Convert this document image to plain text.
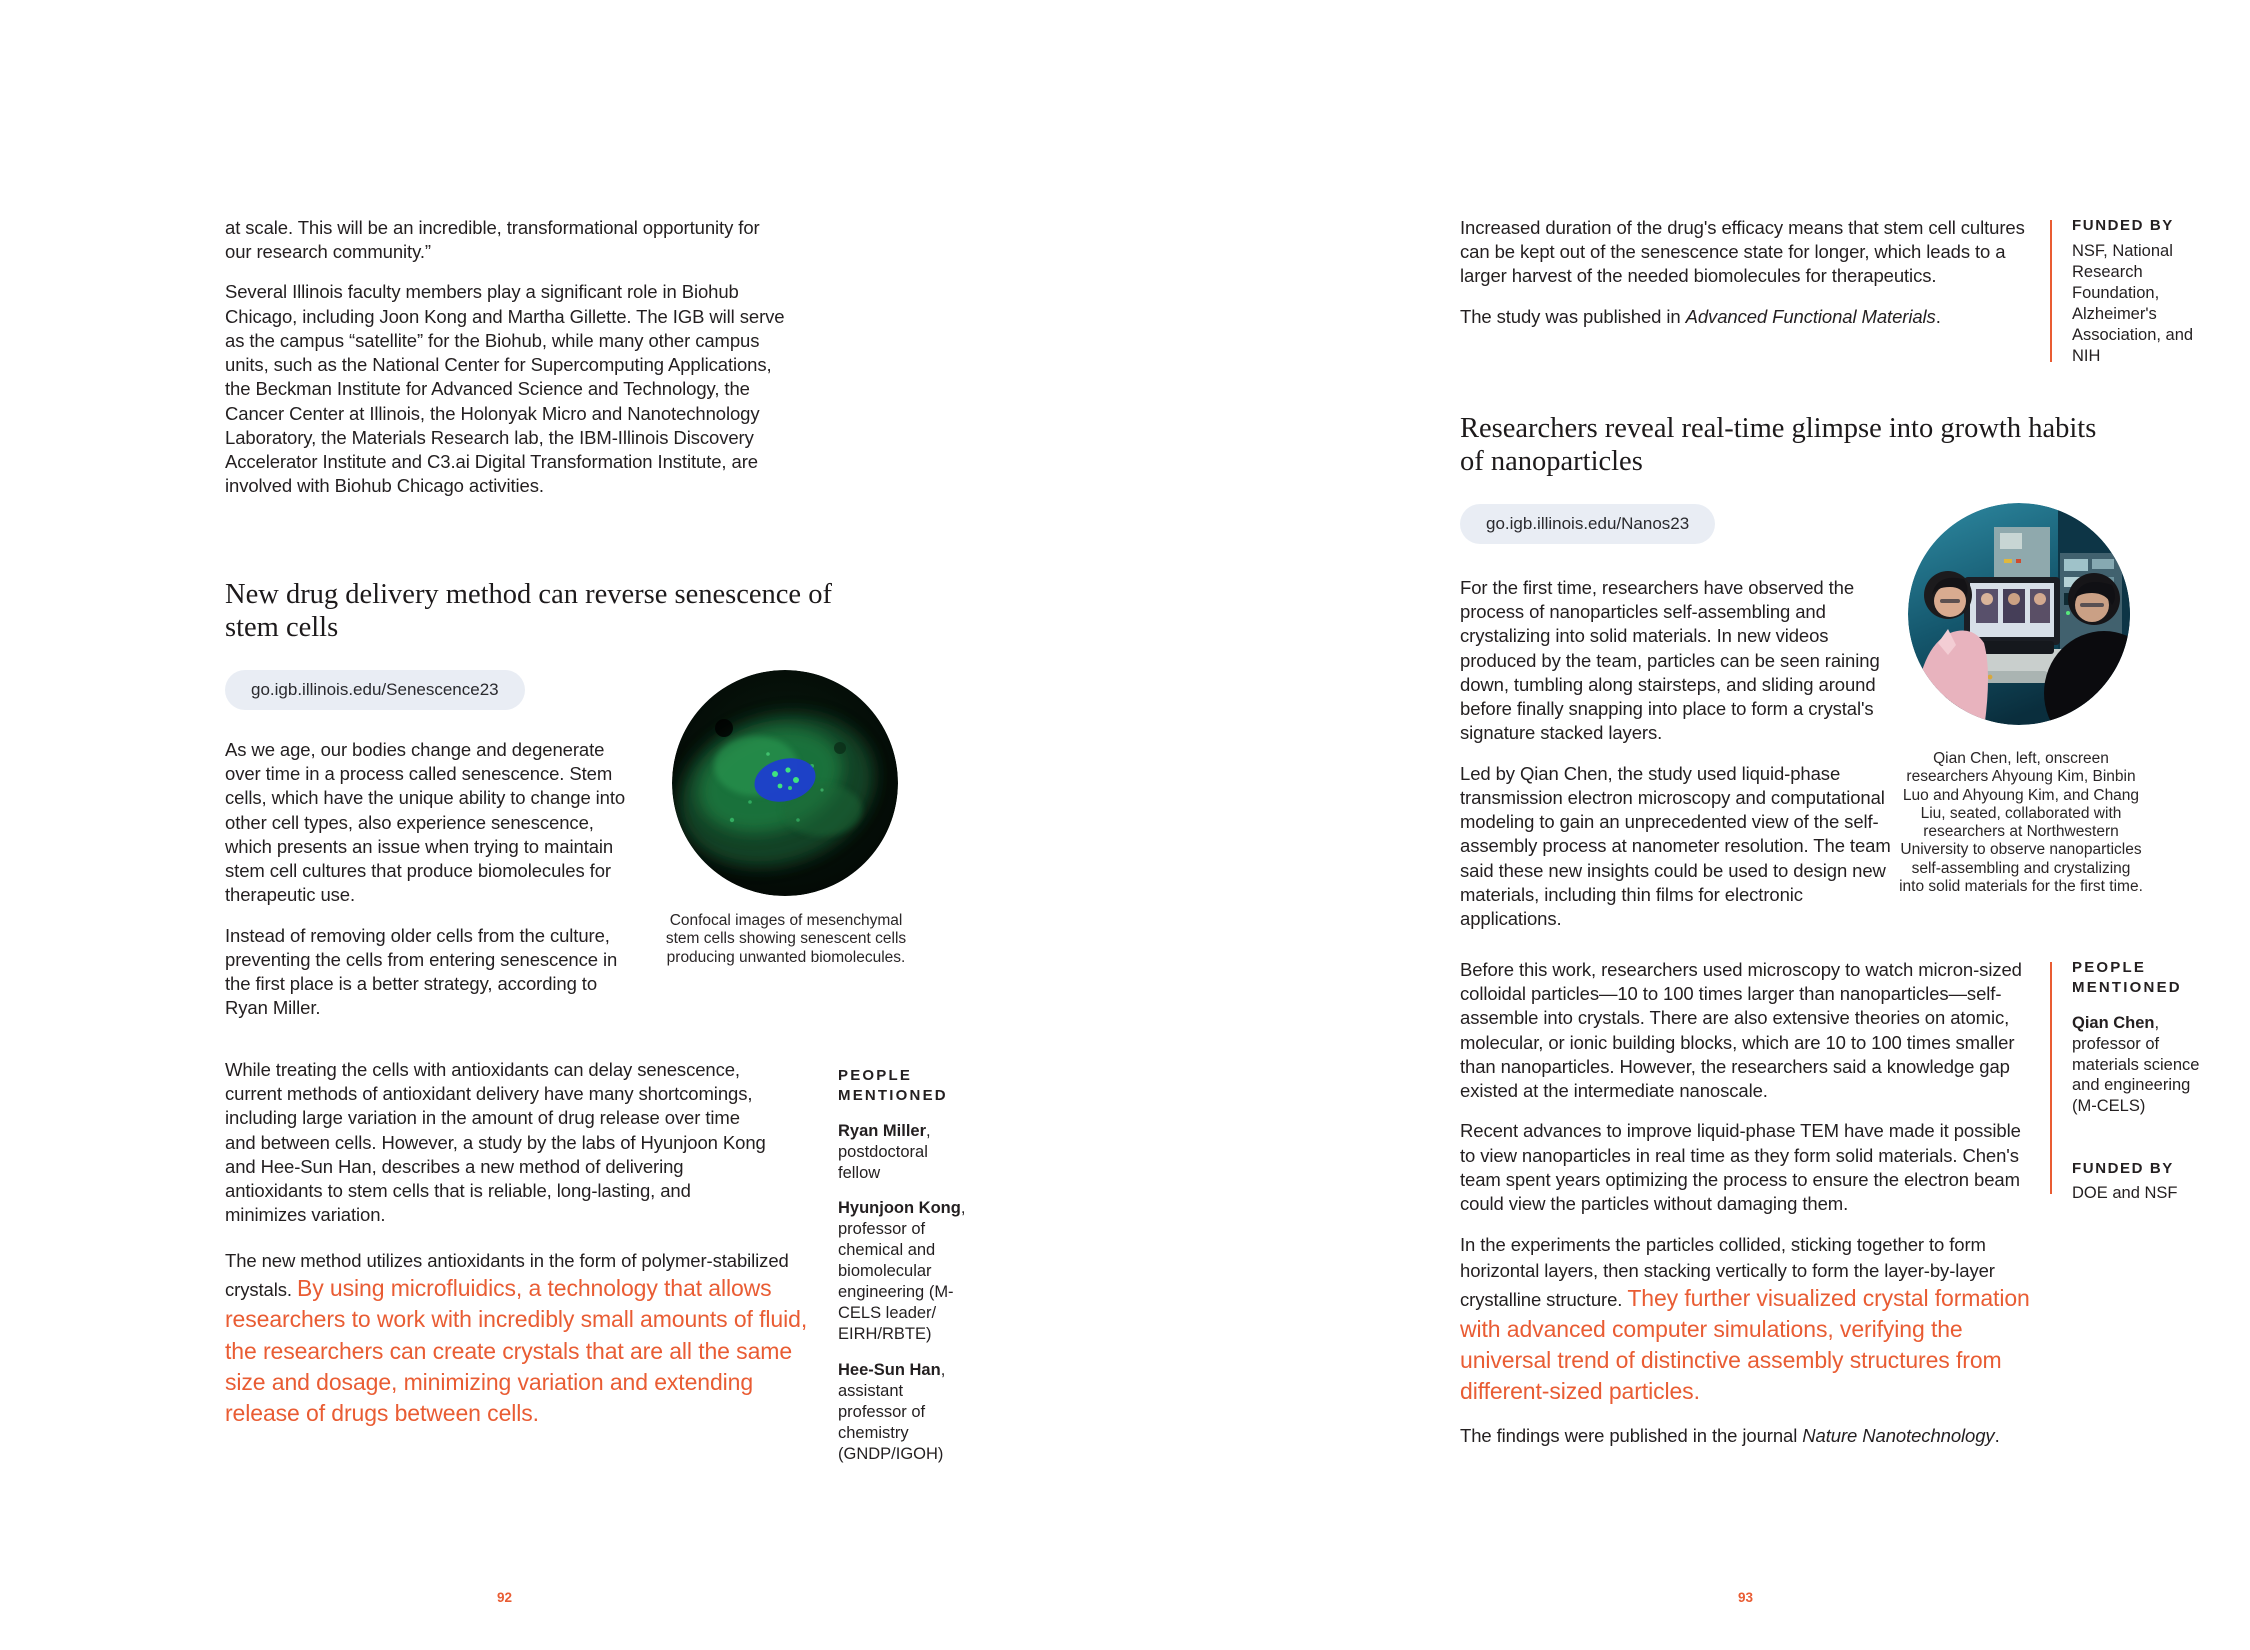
at scale. This will be an incredible, transformational opportunity for our research community.”

Several Illinois faculty members play a significant role in Biohub Chicago, including Joon Kong and Martha Gillette. The IGB will serve as the campus “satellite” for the Biohub, while many other campus units, such as the National Center for Supercomputing Applications, the Beckman Institute for Advanced Science and Technology, the Cancer Center at Illinois, the Holonyak Micro and Nanotechnology Laboratory, the Materials Research lab, the IBM-Illinois Discovery Accelerator Institute and C3.ai Digital Transformation Institute, are involved with Biohub Chicago activities.

New drug delivery method can reverse senescence of stem cells
go.igb.illinois.edu/Senescence23

As we age, our bodies change and degenerate over time in a process called senescence. Stem cells, which have the unique ability to change into other cell types, also experience senescence, which presents an issue when trying to maintain stem cell cultures that produce biomolecules for therapeutic use.

Instead of removing older cells from the culture, preventing the cells from entering senescence in the first place is a better strategy, according to Ryan Miller.

While treating the cells with antioxidants can delay senescence, current methods of antioxidant delivery have many shortcomings, including large variation in the amount of drug release over time and between cells. However, a study by the labs of Hyunjoon Kong and Hee-Sun Han, describes a new method of delivering antioxidants to stem cells that is reliable, long-lasting, and minimizes variation.

The new method utilizes antioxidants in the form of polymer-stabilized crystals. By using microfluidics, a technology that allows researchers to work with incredibly small amounts of fluid, the researchers can create crystals that are all the same size and dosage, minimizing variation and extending release of drugs between cells.

Confocal images of mesenchymal stem cells showing senescent cells producing unwanted biomolecules.
PEOPLE MENTIONED
Ryan Miller, postdoctoral fellow
Hyunjoon Kong, professor of chemical and biomolecular engineering (M-CELS leader/ EIRH/RBTE)
Hee-Sun Han, assistant professor of chemistry (GNDP/IGOH)
92

Increased duration of the drug's efficacy means that stem cell cultures can be kept out of the senescence state for longer, which leads to a larger harvest of the needed biomolecules for therapeutics.

The study was published in Advanced Functional Materials.

FUNDED BY
NSF, National Research Foundation, Alzheimer's Association, and NIH
Researchers reveal real-time glimpse into growth habits of nanoparticles
go.igb.illinois.edu/Nanos23

For the first time, researchers have observed the process of nanoparticles self-assembling and crystalizing into solid materials. In new videos produced by the team, particles can be seen raining down, tumbling along stairsteps, and sliding around before finally snapping into place to form a crystal's signature stacked layers.

Led by Qian Chen, the study used liquid-phase transmission electron microscopy and computational modeling to gain an unprecedented view of the self-assembly process at nanometer resolution. The team said these new insights could be used to design new materials, including thin films for electronic applications.

Qian Chen, left, onscreen researchers Ahyoung Kim, Binbin Luo and Ahyoung Kim, and Chang Liu, seated, collaborated with researchers at Northwestern University to observe nanoparticles self-assembling and crystalizing into solid materials for the first time.

Before this work, researchers used microscopy to watch micron-sized colloidal particles—10 to 100 times larger than nanoparticles—self-assemble into crystals. There are also extensive theories on atomic, molecular, or ionic building blocks, which are 10 to 100 times smaller than nanoparticles. However, the researchers said a knowledge gap existed at the intermediate nanoscale.

Recent advances to improve liquid-phase TEM have made it possible to view nanoparticles in real time as they form solid materials. Chen's team spent years optimizing the process to ensure the electron beam could view the particles without damaging them.

In the experiments the particles collided, sticking together to form horizontal layers, then stacking vertically to form the layer-by-layer crystalline structure. They further visualized crystal formation with advanced computer simulations, verifying the universal trend of distinctive assembly structures from different-sized particles.

The findings were published in the journal Nature Nanotechnology.

PEOPLE MENTIONED
Qian Chen, professor of materials science and engineering (M-CELS)
FUNDED BY
DOE and NSF
93
